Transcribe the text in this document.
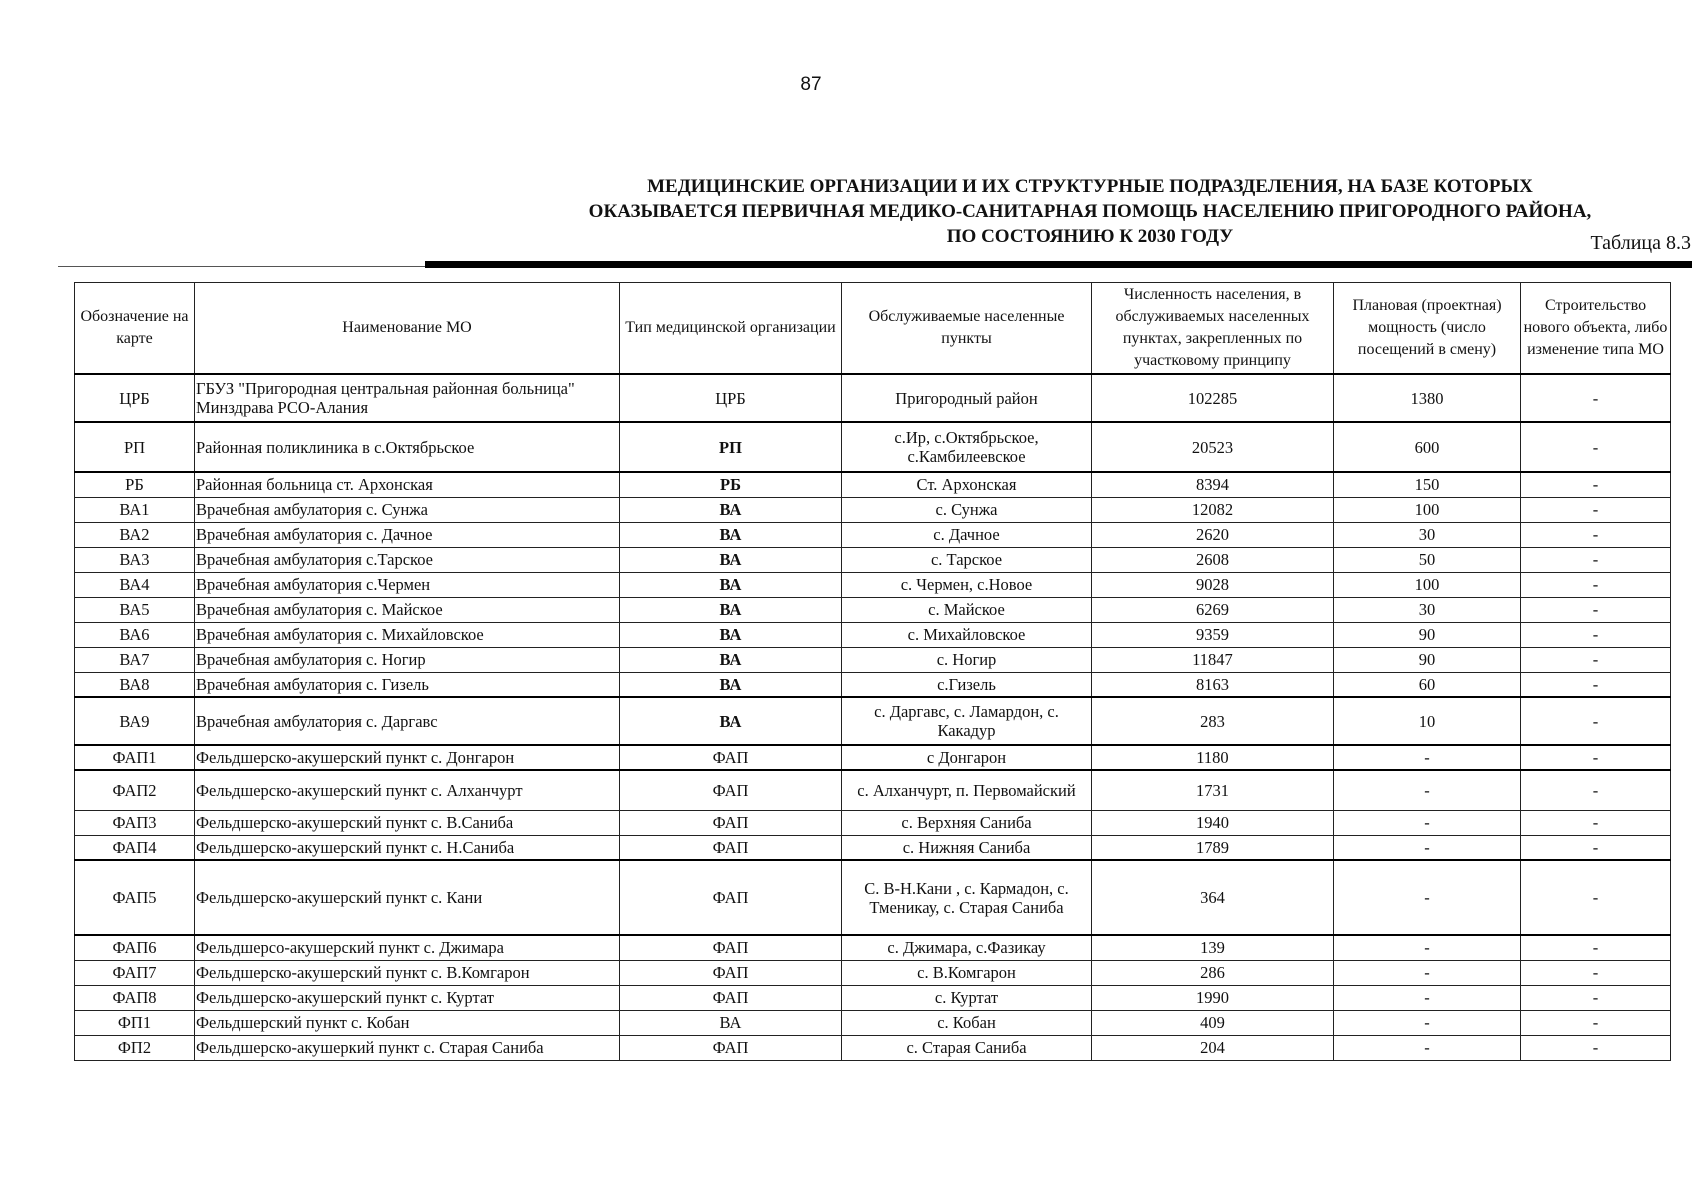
87
МЕДИЦИНСКИЕ ОРГАНИЗАЦИИ И ИХ СТРУКТУРНЫЕ ПОДРАЗДЕЛЕНИЯ, НА БАЗЕ КОТОРЫХ
ОКАЗЫВАЕТСЯ ПЕРВИЧНАЯ МЕДИКО-САНИТАРНАЯ ПОМОЩЬ НАСЕЛЕНИЮ ПРИГОРОДНОГО РАЙОНА,
ПО СОСТОЯНИЮ К 2030 ГОДУ	Таблица 8.3
Обозначение на карте	Наименование МО	Тип медицинской организации	Обслуживаемые населенные пункты	Численность населения, в обслуживаемых населенных пунктах, закрепленных по участковому принципу	Плановая (проектная) мощность (число посещений в смену)	Строительство нового объекта, либо изменение типа МО
ЦРБ	ГБУЗ "Пригородная центральная районная больница" Минздрава РСО-Алания	ЦРБ	Пригородный район	102285	1380	-
РП	Районная поликлиника в с.Октябрьское	РП	с.Ир, с.Октябрьское, с.Камбилеевское	20523	600	-
РБ	Районная больница ст. Архонская	РБ	Ст. Архонская	8394	150	-
ВА1	Врачебная амбулатория с. Сунжа	ВА	с. Сунжа	12082	100	-
ВА2	Врачебная амбулатория с. Дачное	ВА	с. Дачное	2620	30	-
ВА3	Врачебная амбулатория с.Тарское	ВА	с. Тарское	2608	50	-
ВА4	Врачебная амбулатория с.Чермен	ВА	с. Чермен, с.Новое	9028	100	-
ВА5	Врачебная амбулатория с. Майское	ВА	с. Майское	6269	30	-
ВА6	Врачебная амбулатория с. Михайловское	ВА	с. Михайловское	9359	90	-
ВА7	Врачебная амбулатория с. Ногир	ВА	с. Ногир	11847	90	-
ВА8	Врачебная амбулатория с. Гизель	ВА	с.Гизель	8163	60	-
ВА9	Врачебная амбулатория с. Даргавс	ВА	с. Даргавс, с. Ламардон, с. Какадур	283	10	-
ФАП1	Фельдшерско-акушерский пункт с. Донгарон	ФАП	с Донгарон	1180	-	-
ФАП2	Фельдшерско-акушерский пункт с. Алханчурт	ФАП	с. Алханчурт, п. Первомайский	1731	-	-
ФАП3	Фельдшерско-акушерский пункт с. В.Саниба	ФАП	с. Верхняя Саниба	1940	-	-
ФАП4	Фельдшерско-акушерский пункт с. Н.Саниба	ФАП	с. Нижняя Саниба	1789	-	-
ФАП5	Фельдшерско-акушерский пункт с. Кани	ФАП	С. В-Н.Кани , с. Кармадон, с. Тменикау, с. Старая Саниба	364	-	-
ФАП6	Фельдшерсо-акушерский пункт с. Джимара	ФАП	с. Джимара, с.Фазикау	139	-	-
ФАП7	Фельдшерско-акушерский пункт с. В.Комгарон	ФАП	с. В.Комгарон	286	-	-
ФАП8	Фельдшерско-акушерский пункт с. Куртат	ФАП	с. Куртат	1990	-	-
ФП1	Фельдшерский пункт с. Кобан	ВА	с. Кобан	409	-	-
ФП2	Фельдшерско-акушеркий пункт с. Старая Саниба	ФАП	с. Старая Саниба	204	-	-
